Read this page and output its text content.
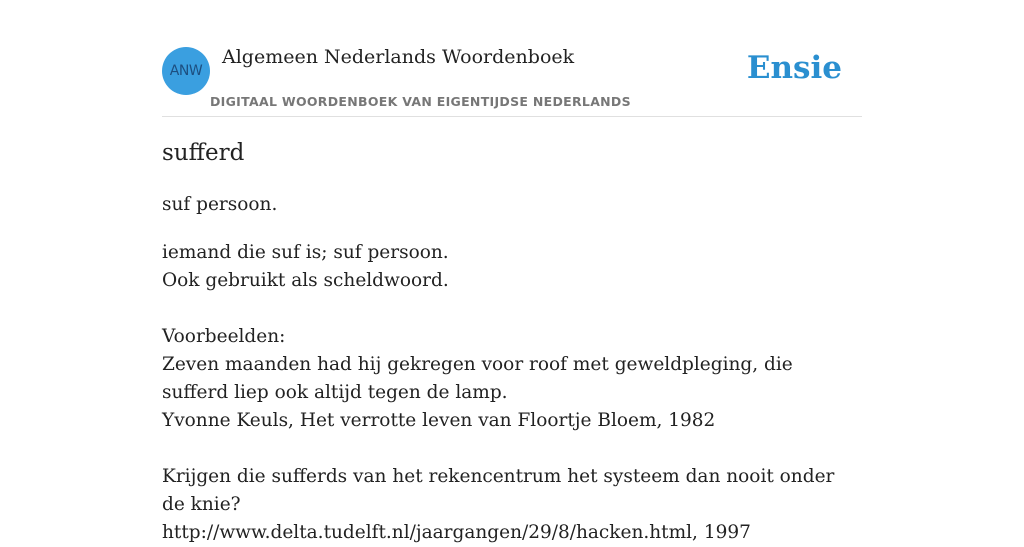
ANW
Algemeen Nederlands Woordenboek
DIGITAAL WOORDENBOEK VAN EIGENTIJDSE NEDERLANDS
Ensie
sufferd

suf persoon.

iemand die suf is; suf persoon.

Ook gebruikt als scheldwoord.

Voorbeelden:

Zeven maanden had hij gekregen voor roof met geweldpleging, die sufferd liep ook altijd tegen de lamp.

Yvonne Keuls, Het verrotte leven van Floortje Bloem, 1982

Krijgen die sufferds van het rekencentrum het systeem dan nooit onder de knie?

http://www.delta.tudelft.nl/jaargangen/29/8/hacken.html, 1997
